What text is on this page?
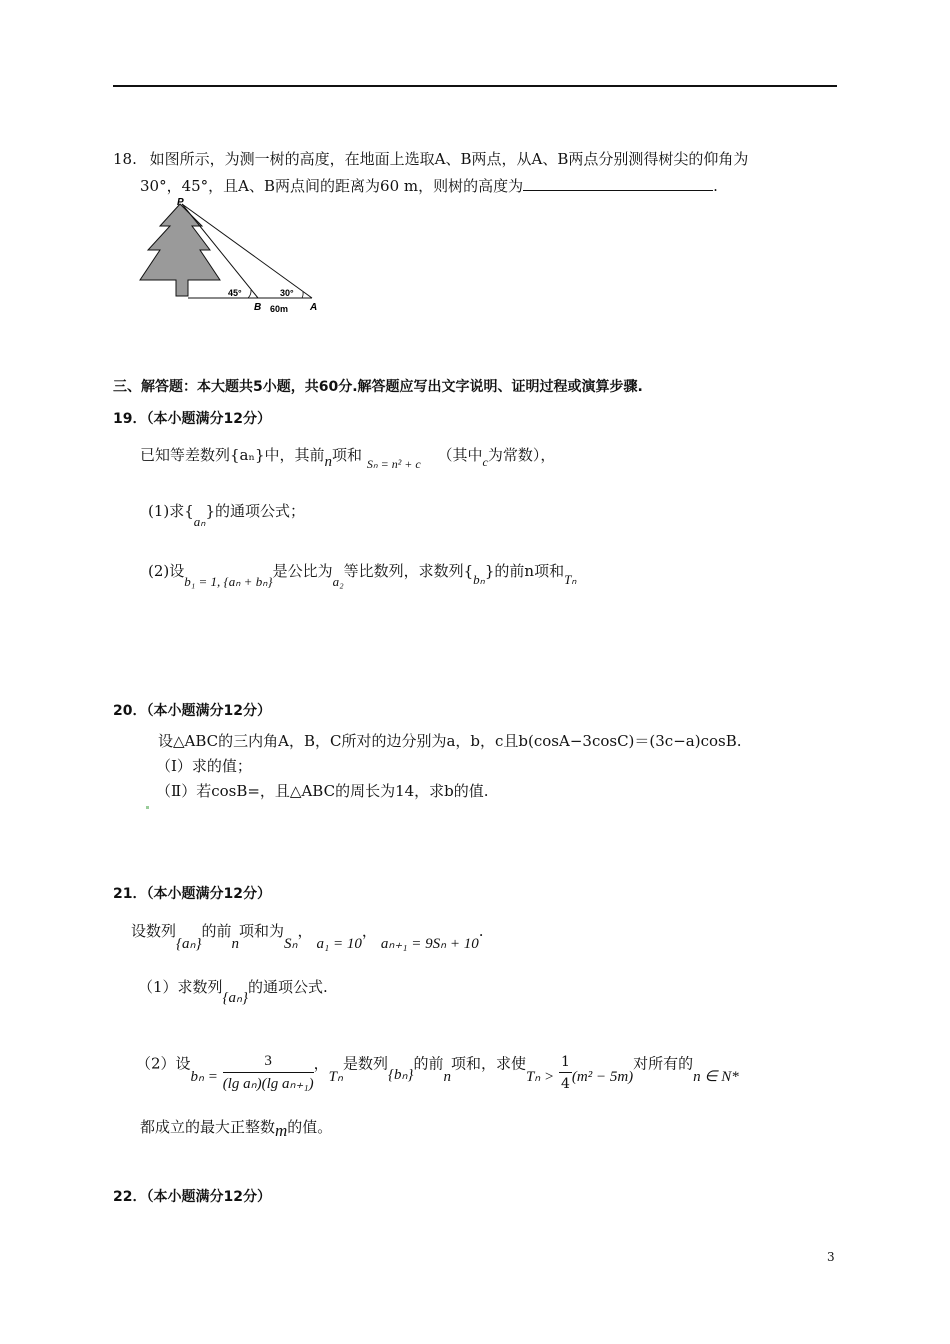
18. 如图所示，为测一树的高度，在地面上选取A、B两点，从A、B两点分别测得树尖的仰角为
30°，45°，且A、B两点间的距离为60 m，则树的高度为	.
P
B	A
45°	30°
60m
三、解答题：本大题共5小题，共60分.解答题应写出文字说明、证明过程或演算步骤.
19．（本小题满分12分）
已知等差数列{aₙ}中，其前n项和 $_{S_n = n^2 + c}$ （其中$_c$为常数），
(1)求{aₙ}的通项公式；
(2)设b₁ = 1, {aₙ + bₙ}是公比为a₂等比数列，求数列{bₙ}的前n项和Tₙ
20．（本小题满分12分）
设△ABC的三内角A，B，C所对的边分别为a，b，c且b(cosA−3cosC)＝(3c−a)cosB.
（Ⅰ）求的值；
（Ⅱ）若cosB=，且△ABC的周长为14，求b的值.
21．（本小题满分12分）
设数列{aₙ}的前n项和为Sₙ，a₁ = 10，aₙ₊₁ = 9Sₙ + 10.
（1）求数列{aₙ}的通项公式.
（2）设$b_n = \frac{3}{\text{(lg aₙ)(lg aₙ₊₁)}}$ ，Tₙ是数列{bₙ}的前n项和，求使$T_n > \frac{1}{4} (m^2 - 5m)$对所有的n ∈ N*
都成立的最大正整数m的值。
22．（本小题满分12分）
3
